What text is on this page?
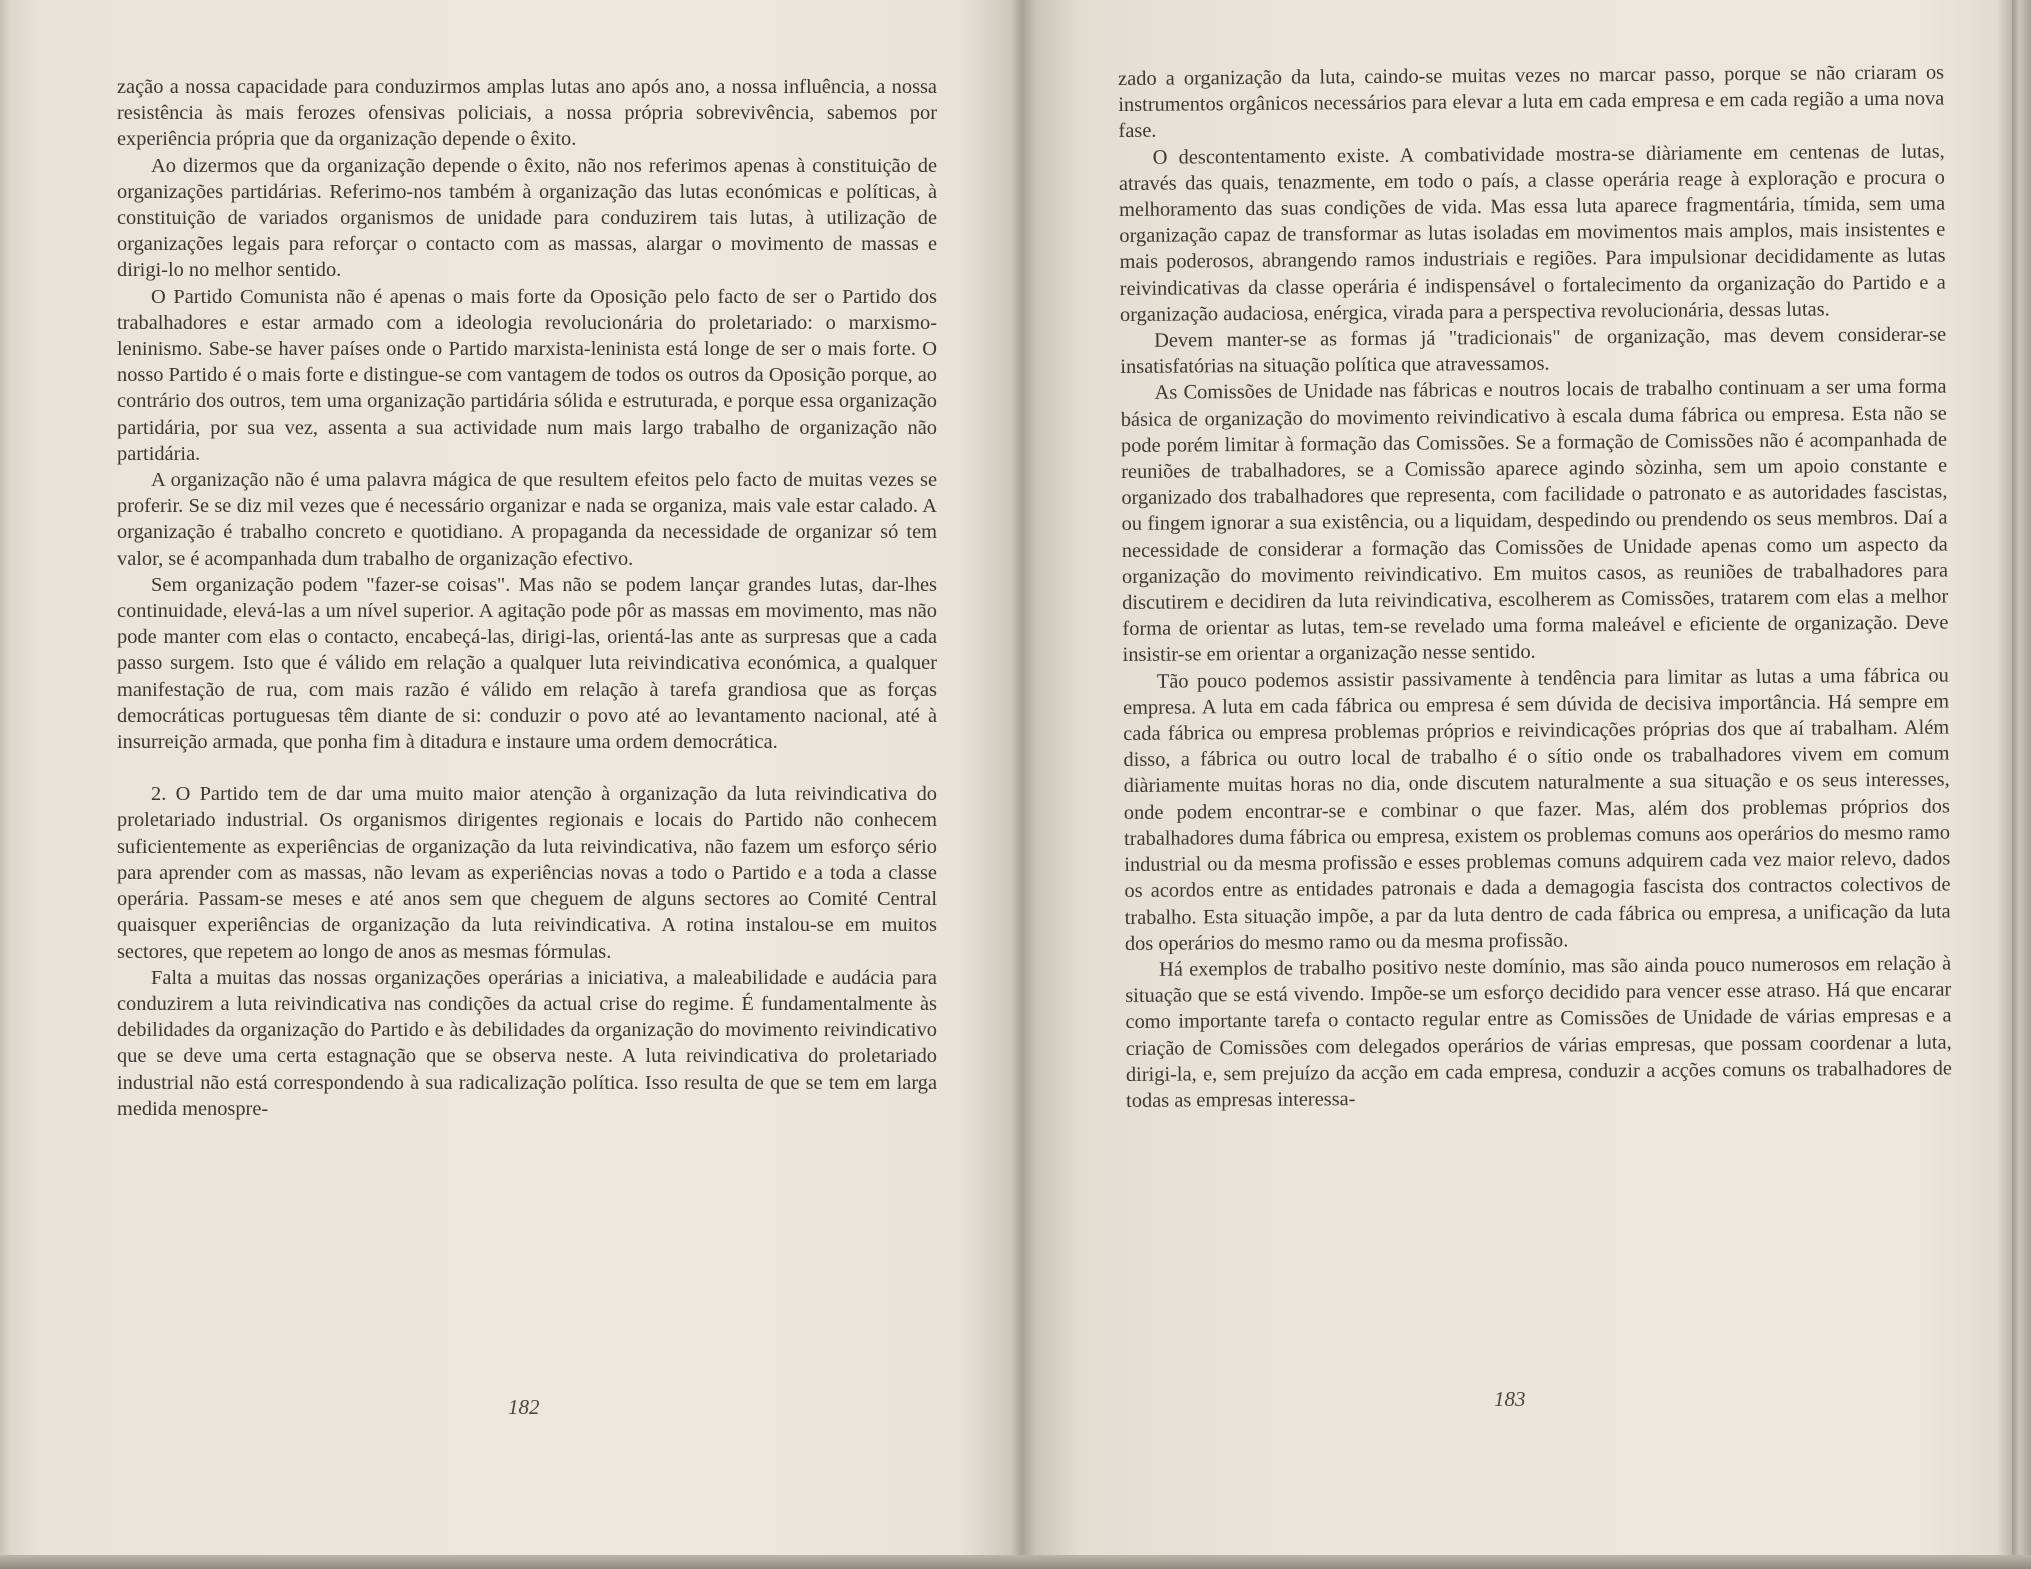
zação a nossa capacidade para conduzirmos amplas lutas ano após ano, a nossa influência, a nossa resistência às mais ferozes ofensivas policiais, a nossa própria sobrevivência, sabemos por experiência própria que da organização depende o êxito.

Ao dizermos que da organização depende o êxito, não nos referimos apenas à constituição de organizações partidárias. Referimo-nos também à organização das lutas económicas e políticas, à constituição de variados organismos de unidade para conduzirem tais lutas, à utilização de organizações legais para reforçar o contacto com as massas, alargar o movimento de massas e dirigi-lo no melhor sentido.

O Partido Comunista não é apenas o mais forte da Oposição pelo facto de ser o Partido dos trabalhadores e estar armado com a ideologia revolucionária do proletariado: o marxismo-leninismo. Sabe-se haver países onde o Partido marxista-leninista está longe de ser o mais forte. O nosso Partido é o mais forte e distingue-se com vantagem de todos os outros da Oposição porque, ao contrário dos outros, tem uma organização partidária sólida e estruturada, e porque essa organização partidária, por sua vez, assenta a sua actividade num mais largo trabalho de organização não partidária.

A organização não é uma palavra mágica de que resultem efeitos pelo facto de muitas vezes se proferir. Se se diz mil vezes que é necessário organizar e nada se organiza, mais vale estar calado. A organização é trabalho concreto e quotidiano. A propaganda da necessidade de organizar só tem valor, se é acompanhada dum trabalho de organização efectivo.

Sem organização podem "fazer-se coisas". Mas não se podem lançar grandes lutas, dar-lhes continuidade, elevá-las a um nível superior. A agitação pode pôr as massas em movimento, mas não pode manter com elas o contacto, encabeçá-las, dirigi-las, orientá-las ante as surpresas que a cada passo surgem. Isto que é válido em relação a qualquer luta reivindicativa económica, a qualquer manifestação de rua, com mais razão é válido em relação à tarefa grandiosa que as forças democráticas portuguesas têm diante de si: conduzir o povo até ao levantamento nacional, até à insurreição armada, que ponha fim à ditadura e instaure uma ordem democrática.

2. O Partido tem de dar uma muito maior atenção à organização da luta reivindicativa do proletariado industrial. Os organismos dirigentes regionais e locais do Partido não conhecem suficientemente as experiências de organização da luta reivindicativa, não fazem um esforço sério para aprender com as massas, não levam as experiências novas a todo o Partido e a toda a classe operária. Passam-se meses e até anos sem que cheguem de alguns sectores ao Comité Central quaisquer experiências de organização da luta reivindicativa. A rotina instalou-se em muitos sectores, que repetem ao longo de anos as mesmas fórmulas.

Falta a muitas das nossas organizações operárias a iniciativa, a maleabilidade e audácia para conduzirem a luta reivindicativa nas condições da actual crise do regime. É fundamentalmente às debilidades da organização do Partido e às debilidades da organização do movimento reivindicativo que se deve uma certa estagnação que se observa neste. A luta reivindicativa do proletariado industrial não está correspondendo à sua radicalização política. Isso resulta de que se tem em larga medida menospre-

182

zado a organização da luta, caindo-se muitas vezes no marcar passo, porque se não criaram os instrumentos orgânicos necessários para elevar a luta em cada empresa e em cada região a uma nova fase.

O descontentamento existe. A combatividade mostra-se diàriamente em centenas de lutas, através das quais, tenazmente, em todo o país, a classe operária reage à exploração e procura o melhoramento das suas condições de vida. Mas essa luta aparece fragmentária, tímida, sem uma organização capaz de transformar as lutas isoladas em movimentos mais amplos, mais insistentes e mais poderosos, abrangendo ramos industriais e regiões. Para impulsionar decididamente as lutas reivindicativas da classe operária é indispensável o fortalecimento da organização do Partido e a organização audaciosa, enérgica, virada para a perspectiva revolucionária, dessas lutas.

Devem manter-se as formas já "tradicionais" de organização, mas devem considerar-se insatisfatórias na situação política que atravessamos.

As Comissões de Unidade nas fábricas e noutros locais de trabalho continuam a ser uma forma básica de organização do movimento reivindicativo à escala duma fábrica ou empresa. Esta não se pode porém limitar à formação das Comissões. Se a formação de Comissões não é acompanhada de reuniões de trabalhadores, se a Comissão aparece agindo sòzinha, sem um apoio constante e organizado dos trabalhadores que representa, com facilidade o patronato e as autoridades fascistas, ou fingem ignorar a sua existência, ou a liquidam, despedindo ou prendendo os seus membros. Daí a necessidade de considerar a formação das Comissões de Unidade apenas como um aspecto da organização do movimento reivindicativo. Em muitos casos, as reuniões de trabalhadores para discutirem e decidiren da luta reivindicativa, escolherem as Comissões, tratarem com elas a melhor forma de orientar as lutas, tem-se revelado uma forma maleável e eficiente de organização. Deve insistir-se em orientar a organização nesse sentido.

Tão pouco podemos assistir passivamente à tendência para limitar as lutas a uma fábrica ou empresa. A luta em cada fábrica ou empresa é sem dúvida de decisiva importância. Há sempre em cada fábrica ou empresa problemas próprios e reivindicações próprias dos que aí trabalham. Além disso, a fábrica ou outro local de trabalho é o sítio onde os trabalhadores vivem em comum diàriamente muitas horas no dia, onde discutem naturalmente a sua situação e os seus interesses, onde podem encontrar-se e combinar o que fazer. Mas, além dos problemas próprios dos trabalhadores duma fábrica ou empresa, existem os problemas comuns aos operários do mesmo ramo industrial ou da mesma profissão e esses problemas comuns adquirem cada vez maior relevo, dados os acordos entre as entidades patronais e dada a demagogia fascista dos contractos colectivos de trabalho. Esta situação impõe, a par da luta dentro de cada fábrica ou empresa, a unificação da luta dos operários do mesmo ramo ou da mesma profissão.

Há exemplos de trabalho positivo neste domínio, mas são ainda pouco numerosos em relação à situação que se está vivendo. Impõe-se um esforço decidido para vencer esse atraso. Há que encarar como importante tarefa o contacto regular entre as Comissões de Unidade de várias empresas e a criação de Comissões com delegados operários de várias empresas, que possam coordenar a luta, dirigi-la, e, sem prejuízo da acção em cada empresa, conduzir a acções comuns os trabalhadores de todas as empresas interessa-

183
